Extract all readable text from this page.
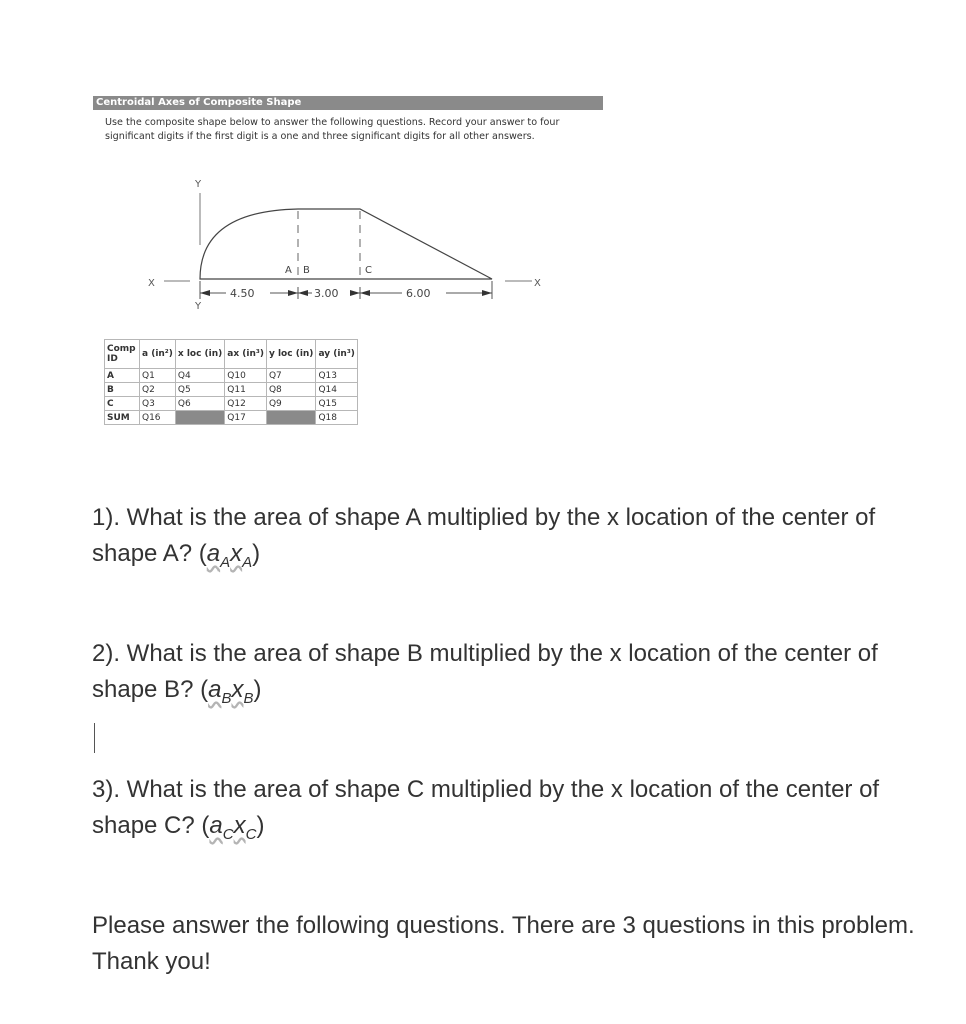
Centroidal Axes of Composite Shape
Use the composite shape below to answer the following questions. Record your answer to four significant digits if the first digit is a one and three significant digits for all other answers.
Y
Y
X	X
A B	C
4.50	3.00	6.00
Comp ID	a (in²)	x loc (in)	ax (in³)	y loc (in)	ay (in³)
A	Q1	Q4	Q10	Q7	Q13
B	Q2	Q5	Q11	Q8	Q14
C	Q3	Q6	Q12	Q9	Q15
SUM	Q16		Q17		Q18
1). What is the area of shape A multiplied by the x location of the center of shape A? $(a_Ax_A)$
2). What is the area of shape B multiplied by the x location of the center of shape B? $(a_Bx_B)$
3). What is the area of shape C multiplied by the x location of the center of shape C? $(a_Cx_C)$
Please answer the following questions. There are 3 questions in this problem. Thank you!
